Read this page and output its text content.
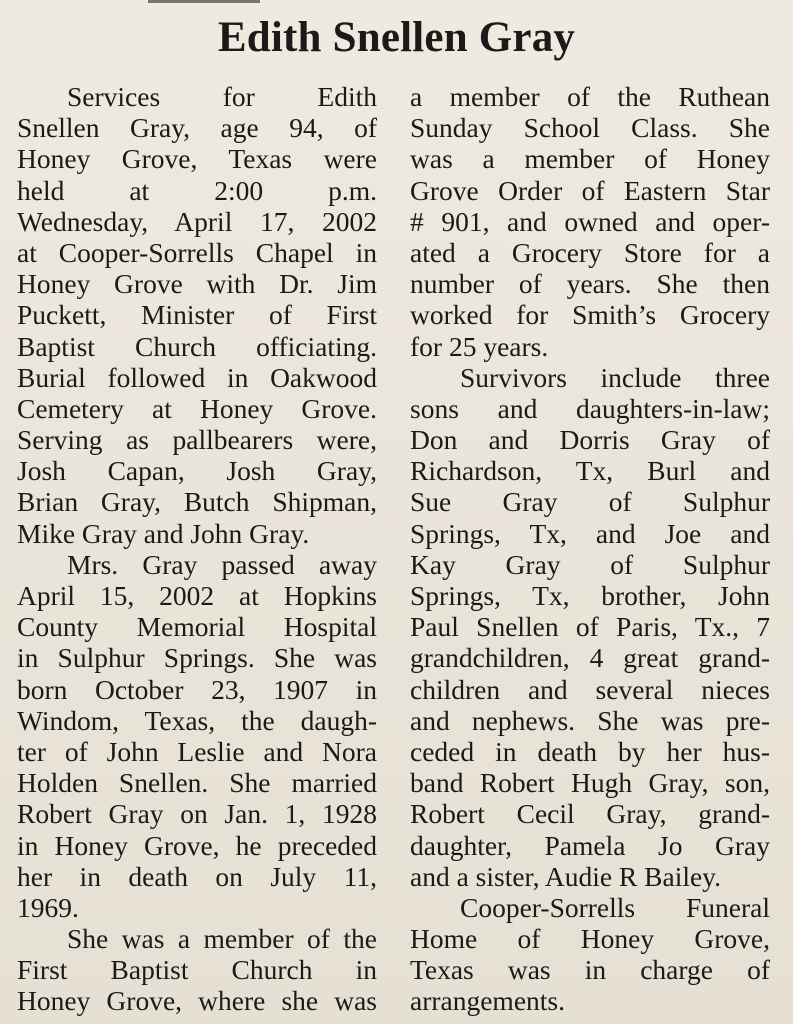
Edith Snellen Gray
Services for Edith
Snellen Gray, age 94, of
Honey Grove, Texas were
held at 2:00 p.m.
Wednesday, April 17, 2002
at Cooper-Sorrells Chapel in
Honey Grove with Dr. Jim
Puckett, Minister of First
Baptist Church officiating.
Burial followed in Oakwood
Cemetery at Honey Grove.
Serving as pallbearers were,
Josh Capan, Josh Gray,
Brian Gray, Butch Shipman,
Mike Gray and John Gray.
Mrs. Gray passed away
April 15, 2002 at Hopkins
County Memorial Hospital
in Sulphur Springs. She was
born October 23, 1907 in
Windom, Texas, the daugh-
ter of John Leslie and Nora
Holden Snellen. She married
Robert Gray on Jan. 1, 1928
in Honey Grove, he preceded
her in death on July 11,
1969.
She was a member of the
First Baptist Church in
Honey Grove, where she was
a member of the Ruthean
Sunday School Class. She
was a member of Honey
Grove Order of Eastern Star
# 901, and owned and oper-
ated a Grocery Store for a
number of years. She then
worked for Smith’s Grocery
for 25 years.
Survivors include three
sons and daughters-in-law;
Don and Dorris Gray of
Richardson, Tx, Burl and
Sue Gray of Sulphur
Springs, Tx, and Joe and
Kay Gray of Sulphur
Springs, Tx, brother, John
Paul Snellen of Paris, Tx., 7
grandchildren, 4 great grand-
children and several nieces
and nephews. She was pre-
ceded in death by her hus-
band Robert Hugh Gray, son,
Robert Cecil Gray, grand-
daughter, Pamela Jo Gray
and a sister, Audie R Bailey.
Cooper-Sorrells Funeral
Home of Honey Grove,
Texas was in charge of
arrangements.
